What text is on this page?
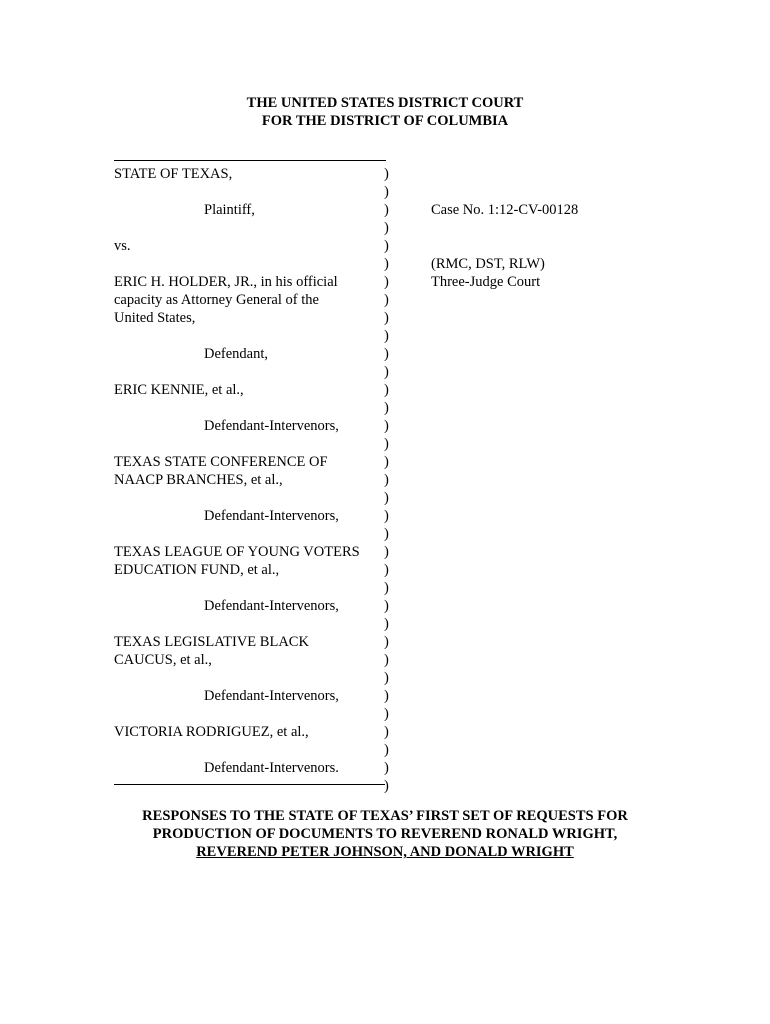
THE UNITED STATES DISTRICT COURT
FOR THE DISTRICT OF COLUMBIA
STATE OF TEXAS,
Plaintiff,
vs.
ERIC H. HOLDER, JR., in his official
capacity as Attorney General of the
United States,
Defendant,
ERIC KENNIE, et al.,
Defendant-Intervenors,
TEXAS STATE CONFERENCE OF
NAACP BRANCHES, et al.,
Defendant-Intervenors,
TEXAS LEAGUE OF YOUNG VOTERS
EDUCATION FUND, et al.,
Defendant-Intervenors,
TEXAS LEGISLATIVE BLACK
CAUCUS, et al.,
Defendant-Intervenors,
VICTORIA RODRIGUEZ, et al.,
Defendant-Intervenors.
)
)
)
)
)
)
)
)
)
)
)
)
)
)
)
)
)
)
)
)
)
)
)
)
)
)
)
)
)
)
)
)
)
)
)
Case No. 1:12-CV-00128
(RMC, DST, RLW)
Three-Judge Court
RESPONSES TO THE STATE OF TEXAS’ FIRST SET OF REQUESTS FOR
PRODUCTION OF DOCUMENTS TO REVEREND RONALD WRIGHT,
REVEREND PETER JOHNSON, AND DONALD WRIGHT
